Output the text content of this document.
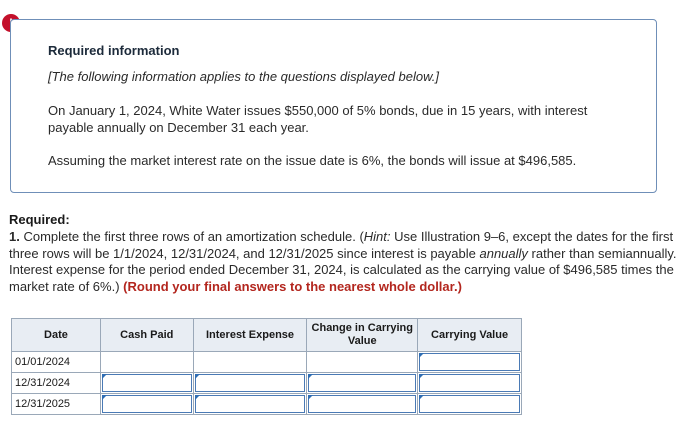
Required information
[The following information applies to the questions displayed below.]
On January 1, 2024, White Water issues $550,000 of 5% bonds, due in 15 years, with interest payable annually on December 31 each year.
Assuming the market interest rate on the issue date is 6%, the bonds will issue at $496,585.
Required:
1. Complete the first three rows of an amortization schedule. (Hint: Use Illustration 9–6, except the dates for the first three rows will be 1/1/2024, 12/31/2024, and 12/31/2025 since interest is payable annually rather than semiannually. Interest expense for the period ended December 31, 2024, is calculated as the carrying value of $496,585 times the market rate of 6%.) (Round your final answers to the nearest whole dollar.)
Date	Cash Paid	Interest Expense	Change in Carrying Value	Carrying Value
01/01/2024				

12/31/2024	

12/31/2025	
